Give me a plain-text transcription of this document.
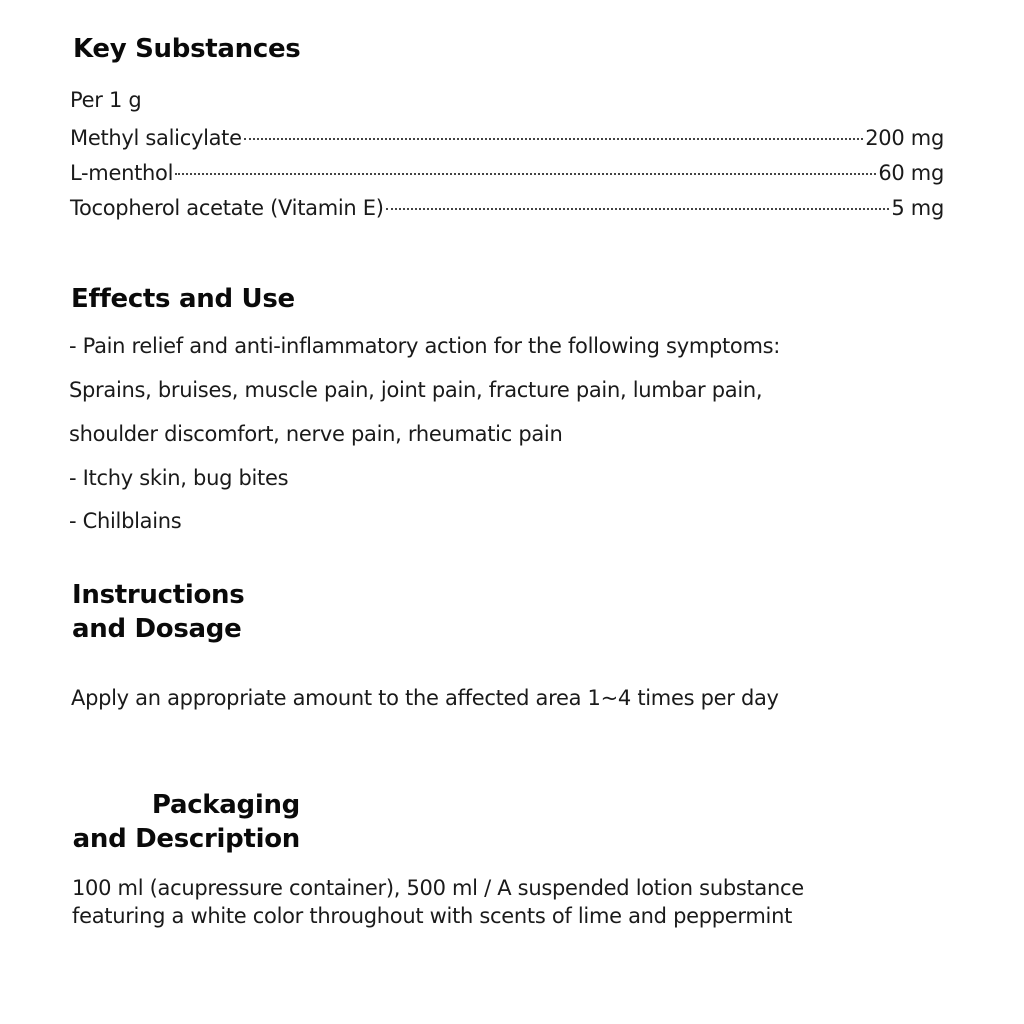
Key Substances
Per 1 g
Methyl salicylate	200 mg
L-menthol	60 mg
Tocopherol acetate (Vitamin E)	5 mg
Effects and Use
- Pain relief and anti-inflammatory action for the following symptoms:
Sprains, bruises, muscle pain, joint pain, fracture pain, lumbar pain,
shoulder discomfort, nerve pain, rheumatic pain
- Itchy skin, bug bites
- Chilblains
Instructions
and Dosage
Apply an appropriate amount to the affected area 1~4 times per day
Packaging
and Description
100 ml (acupressure container), 500 ml / A suspended lotion substance
featuring a white color throughout with scents of lime and peppermint
